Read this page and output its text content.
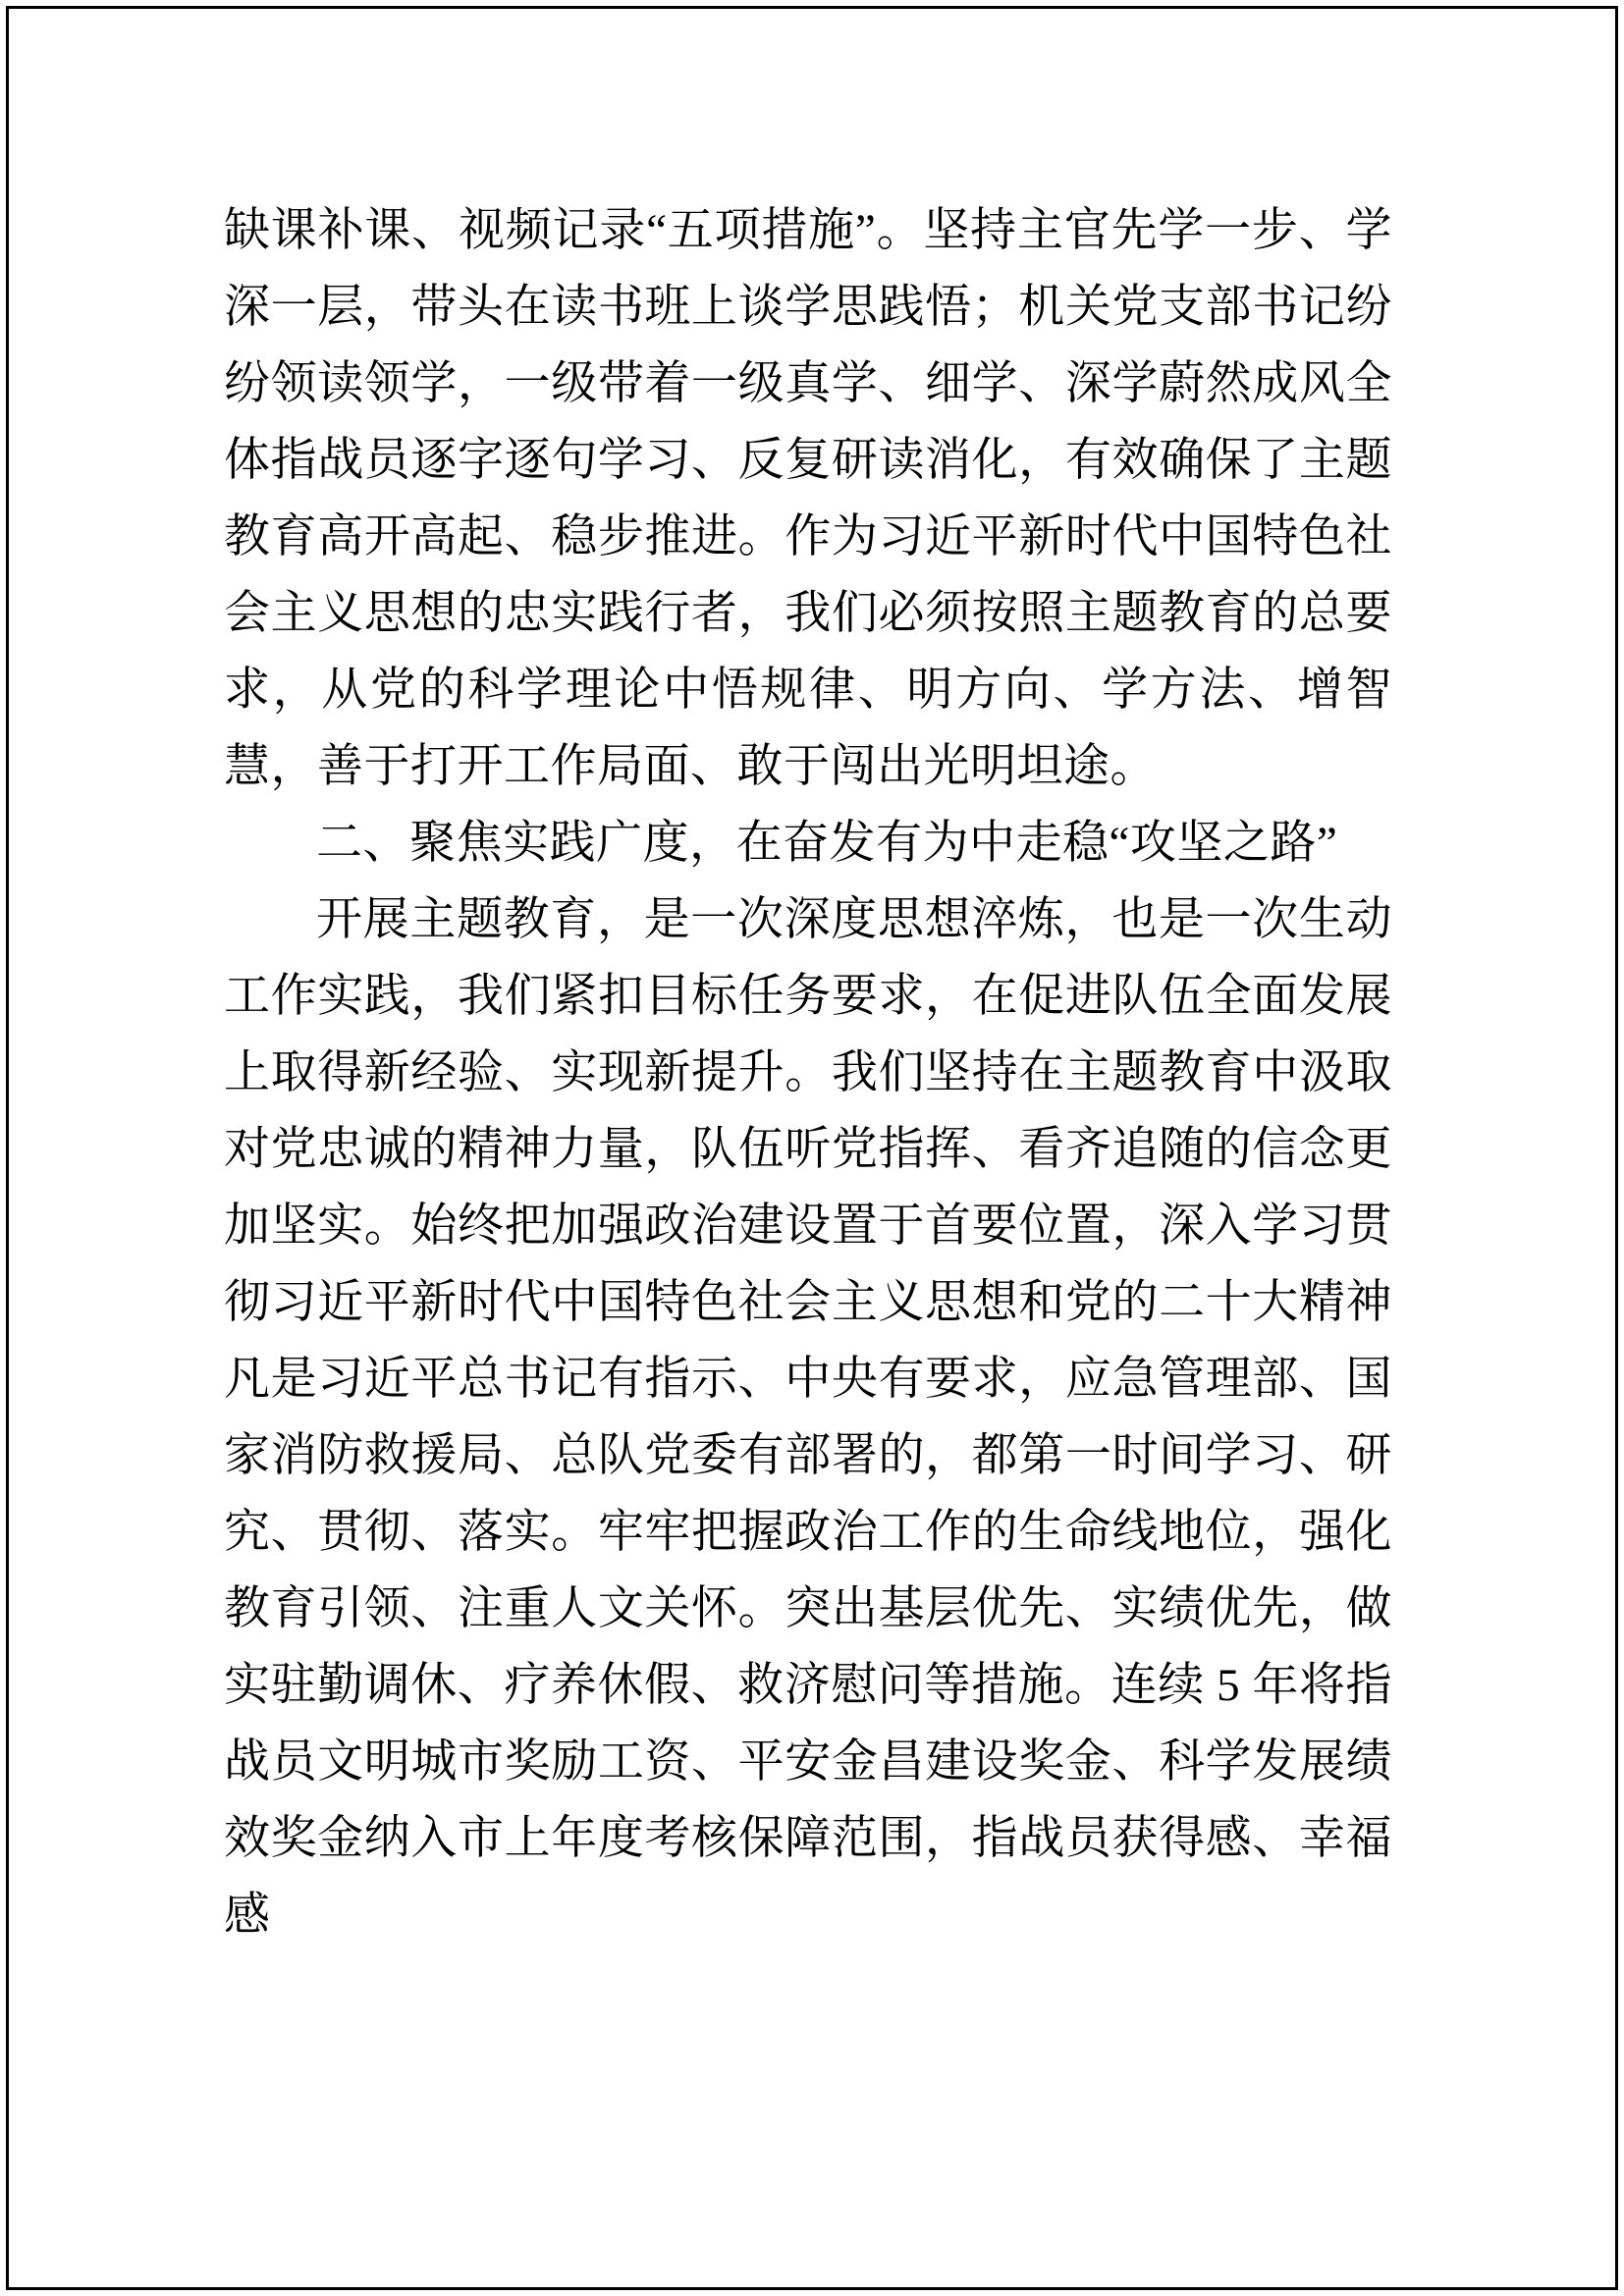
缺课补课、视频记录“五项措施”。坚持主官先学一步、学深一层，带头在读书班上谈学思践悟；机关党支部书记纷纷领读领学，一级带着一级真学、细学、深学蔚然成风全体指战员逐字逐句学习、反复研读消化，有效确保了主题教育高开高起、稳步推进。作为习近平新时代中国特色社会主义思想的忠实践行者，我们必须按照主题教育的总要求，从党的科学理论中悟规律、明方向、学方法、增智慧，善于打开工作局面、敢于闯出光明坦途。

二、聚焦实践广度，在奋发有为中走稳“攻坚之路”

开展主题教育，是一次深度思想淬炼，也是一次生动工作实践，我们紧扣目标任务要求，在促进队伍全面发展上取得新经验、实现新提升。我们坚持在主题教育中汲取对党忠诚的精神力量，队伍听党指挥、看齐追随的信念更加坚实。始终把加强政治建设置于首要位置，深入学习贯彻习近平新时代中国特色社会主义思想和党的二十大精神凡是习近平总书记有指示、中央有要求，应急管理部、国家消防救援局、总队党委有部署的，都第一时间学习、研究、贯彻、落实。牢牢把握政治工作的生命线地位，强化教育引领、注重人文关怀。突出基层优先、实绩优先，做实驻勤调休、疗养休假、救济慰问等措施。连续 5 年将指战员文明城市奖励工资、平安金昌建设奖金、科学发展绩效奖金纳入市上年度考核保障范围，指战员获得感、幸福感
